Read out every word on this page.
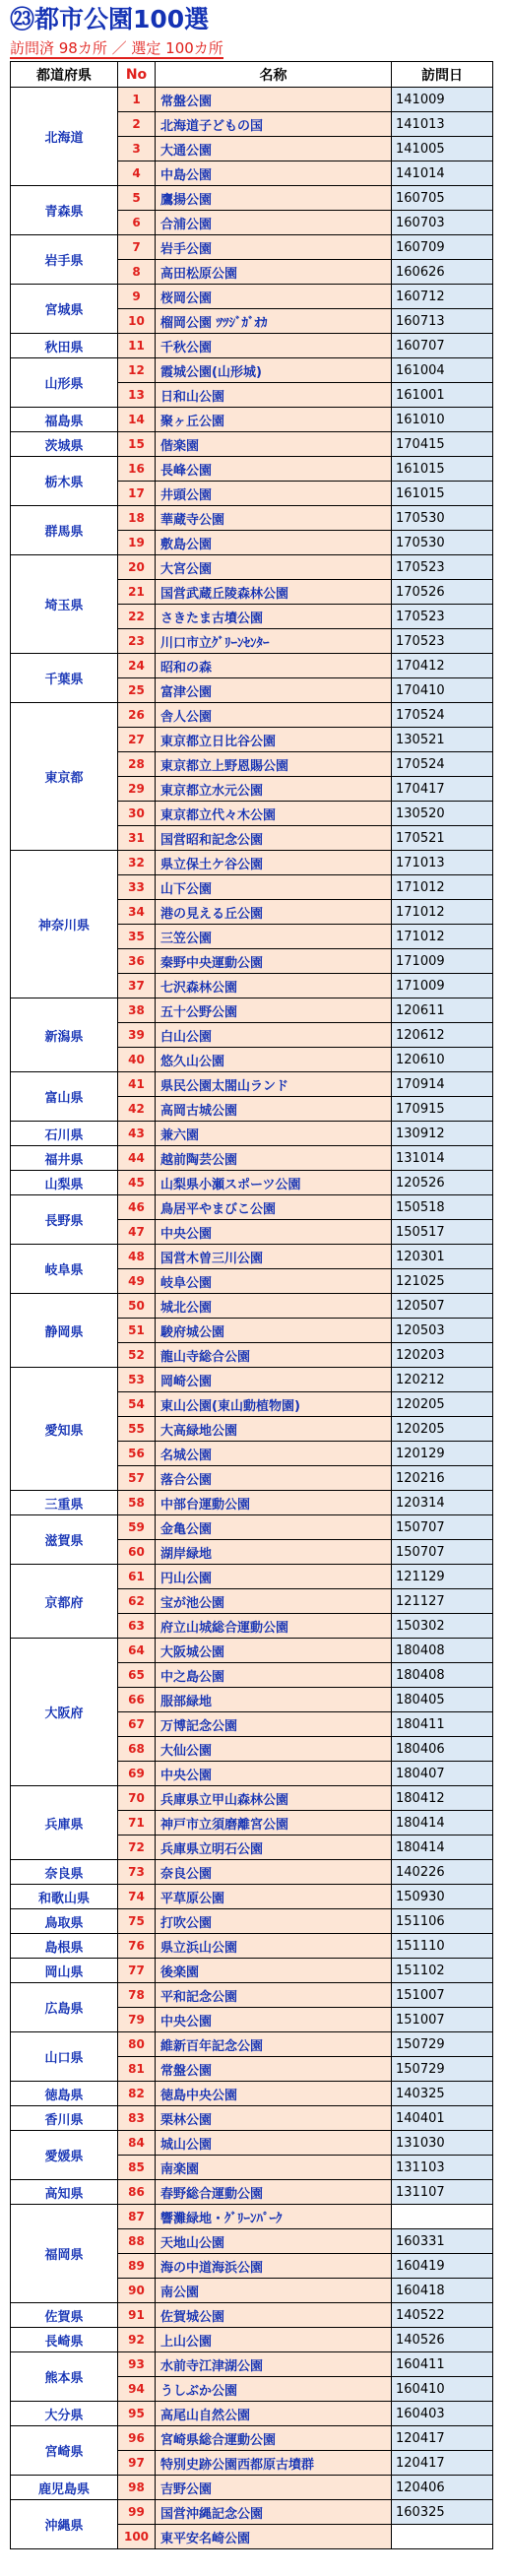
㉓都市公園100選
訪問済 98カ所 ／ 選定 100カ所
都道府県	No	名称	訪問日
北海道	1	常盤公園	141009
	2	北海道子どもの国	141013
	3	大通公園	141005
	4	中島公園	141014
青森県	5	鷹揚公園	160705
	6	合浦公園	160703
岩手県	7	岩手公園	160709
	8	高田松原公園	160626
宮城県	9	桜岡公園	160712
	10	榴岡公園 ﾂﾂｼﾞｶﾞｵｶ	160713
秋田県	11	千秋公園	160707
山形県	12	霞城公園(山形城)	161004
	13	日和山公園	161001
福島県	14	聚ヶ丘公園	161010
茨城県	15	偕楽園	170415
栃木県	16	長峰公園	161015
	17	井頭公園	161015
群馬県	18	華蔵寺公園	170530
	19	敷島公園	170530
埼玉県	20	大宮公園	170523
	21	国営武蔵丘陵森林公園	170526
	22	さきたま古墳公園	170523
	23	川口市立ｸﾞﾘｰﾝｾﾝﾀｰ	170523
千葉県	24	昭和の森	170412
	25	富津公園	170410
東京都	26	舎人公園	170524
	27	東京都立日比谷公園	130521
	28	東京都立上野恩賜公園	170524
	29	東京都立水元公園	170417
	30	東京都立代々木公園	130520
	31	国営昭和記念公園	170521
神奈川県	32	県立保土ケ谷公園	171013
	33	山下公園	171012
	34	港の見える丘公園	171012
	35	三笠公園	171012
	36	秦野中央運動公園	171009
	37	七沢森林公園	171009
新潟県	38	五十公野公園	120611
	39	白山公園	120612
	40	悠久山公園	120610
富山県	41	県民公園太閤山ランド	170914
	42	高岡古城公園	170915
石川県	43	兼六園	130912
福井県	44	越前陶芸公園	131014
山梨県	45	山梨県小瀬スポーツ公園	120526
長野県	46	鳥居平やまびこ公園	150518
	47	中央公園	150517
岐阜県	48	国営木曽三川公園	120301
	49	岐阜公園	121025
静岡県	50	城北公園	120507
	51	駿府城公園	120503
	52	龍山寺総合公園	120203
愛知県	53	岡崎公園	120212
	54	東山公園(東山動植物園)	120205
	55	大高緑地公園	120205
	56	名城公園	120129
	57	落合公園	120216
三重県	58	中部台運動公園	120314
滋賀県	59	金亀公園	150707
	60	湖岸緑地	150707
京都府	61	円山公園	121129
	62	宝が池公園	121127
	63	府立山城総合運動公園	150302
大阪府	64	大阪城公園	180408
	65	中之島公園	180408
	66	服部緑地	180405
	67	万博記念公園	180411
	68	大仙公園	180406
	69	中央公園	180407
兵庫県	70	兵庫県立甲山森林公園	180412
	71	神戸市立須磨離宮公園	180414
	72	兵庫県立明石公園	180414
奈良県	73	奈良公園	140226
和歌山県	74	平草原公園	150930
鳥取県	75	打吹公園	151106
島根県	76	県立浜山公園	151110
岡山県	77	後楽園	151102
広島県	78	平和記念公園	151007
	79	中央公園	151007
山口県	80	維新百年記念公園	150729
	81	常盤公園	150729
徳島県	82	徳島中央公園	140325
香川県	83	栗林公園	140401
愛媛県	84	城山公園	131030
	85	南楽園	131103
高知県	86	春野総合運動公園	131107
福岡県	87	響灘緑地・ｸﾞﾘｰﾝﾊﾟｰｸ	
	88	天地山公園	160331
	89	海の中道海浜公園	160419
	90	南公園	160418
佐賀県	91	佐賀城公園	140522
長崎県	92	上山公園	140526
熊本県	93	水前寺江津湖公園	160411
	94	うしぶか公園	160410
大分県	95	高尾山自然公園	160403
宮崎県	96	宮崎県総合運動公園	120417
	97	特別史跡公園西都原古墳群	120417
鹿児島県	98	吉野公園	120406
沖縄県	99	国営沖縄記念公園	160325
	100	東平安名崎公園	
